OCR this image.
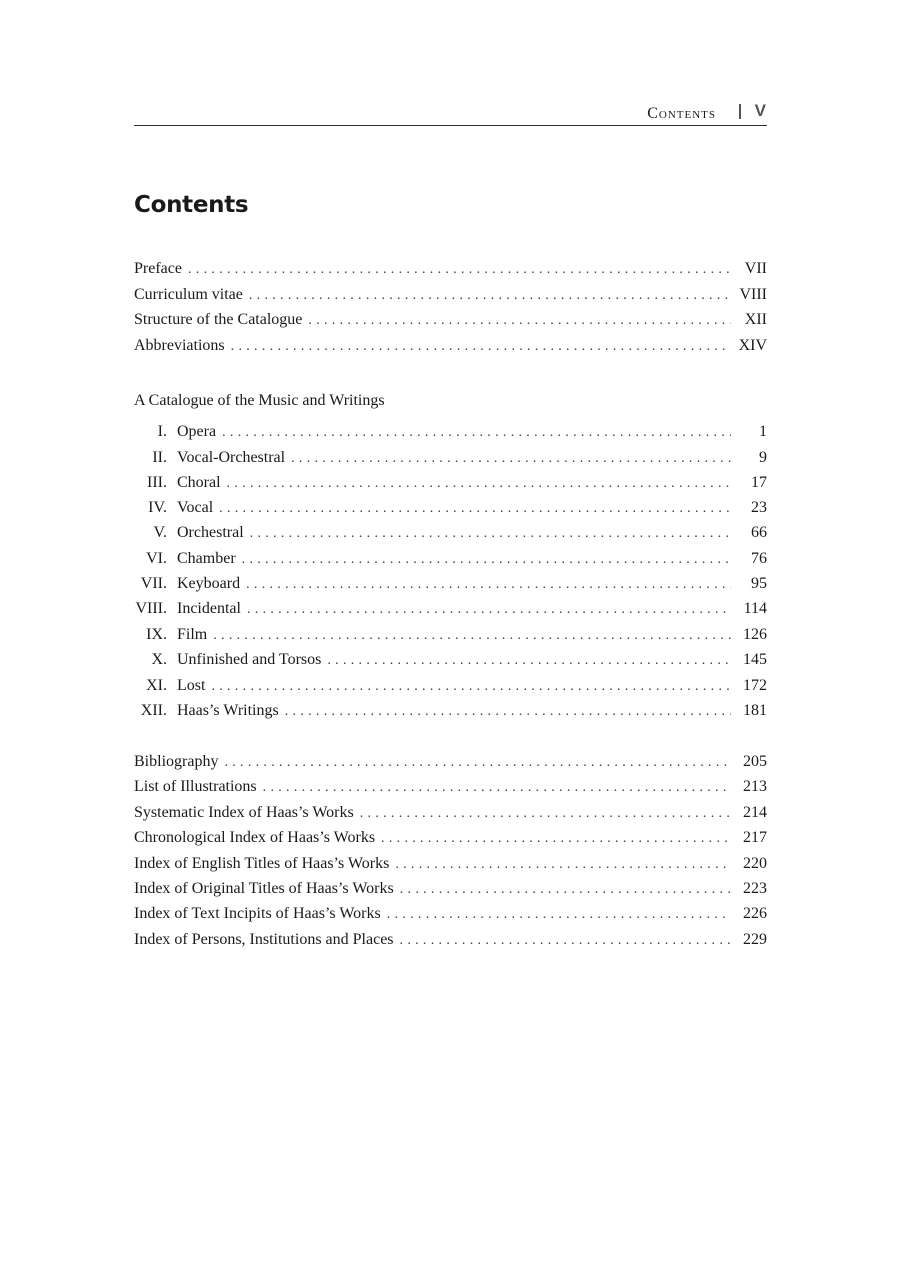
Contents V
Contents
Preface . . .	VII
Curriculum vitae . . .	VIII
Structure of the Catalogue . . .	XII
Abbreviations . . .	XIV

A Catalogue of the Music and Writings

I. Opera . . .	1
II. Vocal-Orchestral . . .	9
III. Choral . . .	17
IV. Vocal . . .	23
V. Orchestral . . .	66
VI. Chamber . . .	76
VII. Keyboard . . .	95
VIII. Incidental . . .	114
IX. Film . . .	126
X. Unfinished and Torsos . . .	145
XI. Lost . . .	172
XII. Haas’s Writings . . .	181
Bibliography . . .	205
List of Illustrations . . .	213
Systematic Index of Haas’s Works . . .	214
Chronological Index of Haas’s Works . . .	217
Index of English Titles of Haas’s Works . . .	220
Index of Original Titles of Haas’s Works . . .	223
Index of Text Incipits of Haas’s Works . . .	226
Index of Persons, Institutions and Places . . .	229
